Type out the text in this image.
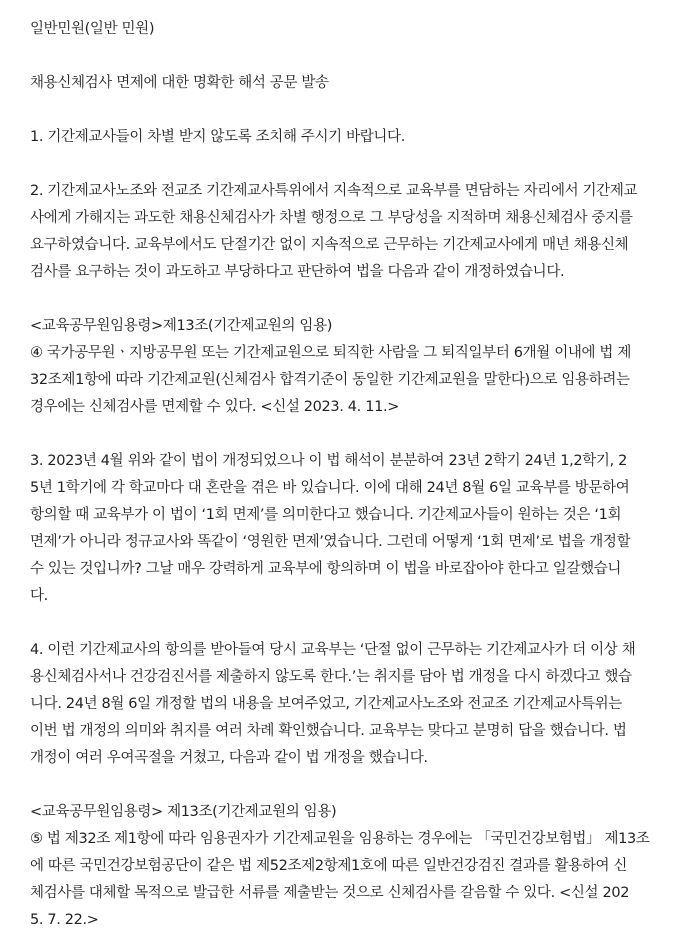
일반민원(일반 민원)

채용신체검사 면제에 대한 명확한 해석 공문 발송

1. 기간제교사들이 차별 받지 않도록 조치해 주시기 바랍니다.

2. 기간제교사노조와 전교조 기간제교사특위에서 지속적으로 교육부를 면담하는 자리에서 기간제교
사에게 가해지는 과도한 채용신체검사가 차별 행정으로 그 부당성을 지적하며 채용신체검사 중지를
요구하였습니다. 교육부에서도 단절기간 없이 지속적으로 근무하는 기간제교사에게 매년 채용신체
검사를 요구하는 것이 과도하고 부당하다고 판단하여 법을 다음과 같이 개정하였습니다.

<교육공무원임용령>제13조(기간제교원의 임용)

④ 국가공무원ㆍ지방공무원 또는 기간제교원으로 퇴직한 사람을 그 퇴직일부터 6개월 이내에 법 제
32조제1항에 따라 기간제교원(신체검사 합격기준이 동일한 기간제교원을 말한다)으로 임용하려는
경우에는 신체검사를 면제할 수 있다. <신설 2023. 4. 11.>

3. 2023년 4월 위와 같이 법이 개정되었으나 이 법 해석이 분분하여 23년 2학기 24년 1,2학기, 2
5년 1학기에 각 학교마다 대 혼란을 겪은 바 있습니다. 이에 대해 24년 8월 6일 교육부를 방문하여
항의할 때 교육부가 이 법이 ‘1회 면제’를 의미한다고 했습니다. 기간제교사들이 원하는 것은 ‘1회
면제’가 아니라 정규교사와 똑같이 ‘영원한 면제’였습니다. 그런데 어떻게 ‘1회 면제’로 법을 개정할
수 있는 것입니까? 그날 매우 강력하게 교육부에 항의하며 이 법을 바로잡아야 한다고 일갈했습니
다.

4. 이런 기간제교사의 항의를 받아들여 당시 교육부는 ‘단절 없이 근무하는 기간제교사가 더 이상 채
용신체검사서나 건강검진서를 제출하지 않도록 한다.’는 취지를 담아 법 개정을 다시 하겠다고 했습
니다. 24년 8월 6일 개정할 법의 내용을 보여주었고, 기간제교사노조와 전교조 기간제교사특위는
이번 법 개정의 의미와 취지를 여러 차례 확인했습니다. 교육부는 맞다고 분명히 답을 했습니다. 법
개정이 여러 우여곡절을 거쳤고, 다음과 같이 법 개정을 했습니다.

<교육공무원임용령> 제13조(기간제교원의 임용)

⑤ 법 제32조 제1항에 따라 임용권자가 기간제교원을 임용하는 경우에는 「국민건강보험법」 제13조
에 따른 국민건강보험공단이 같은 법 제52조제2항제1호에 따른 일반건강검진 결과를 활용하여 신
체검사를 대체할 목적으로 발급한 서류를 제출받는 것으로 신체검사를 갈음할 수 있다. <신설 202
5. 7. 22.>
